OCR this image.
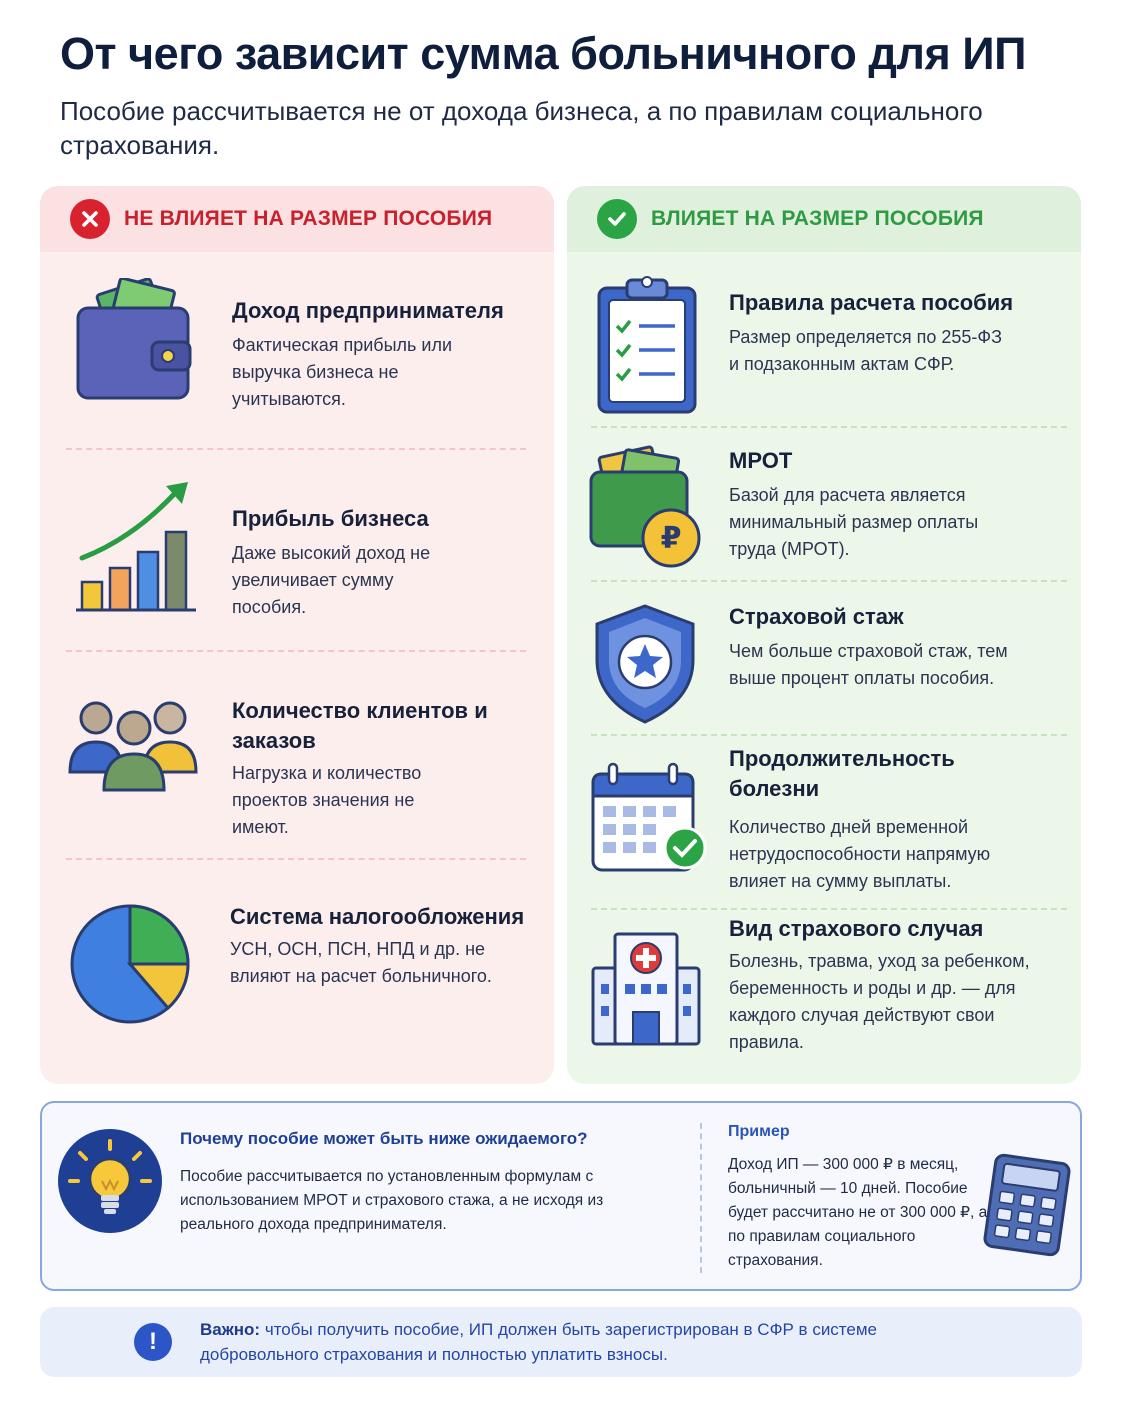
От чего зависит сумма больничного для ИП
Пособие рассчитывается не от дохода бизнеса, а по правилам социального страхования.
НЕ ВЛИЯЕТ НА РАЗМЕР ПОСОБИЯ
Доход предпринимателя
Фактическая прибыль или выручка бизнеса не учитываются.
Прибыль бизнеса
Даже высокий доход не увеличивает сумму пособия.
Количество клиентов и заказов
Нагрузка и количество проектов значения не имеют.
Система налогообложения
УСН, ОСН, ПСН, НПД и др. не влияют на расчет больничного.
ВЛИЯЕТ НА РАЗМЕР ПОСОБИЯ
Правила расчета пособия
Размер определяется по 255-ФЗ и подзаконным актам СФР.
₽
МРОТ
Базой для расчета является минимальный размер оплаты труда (МРОТ).
Страховой стаж
Чем больше страховой стаж, тем выше процент оплаты пособия.
Продолжительность болезни
Количество дней временной нетрудоспособности напрямую влияет на сумму выплаты.
Вид страхового случая
Болезнь, травма, уход за ребенком, беременность и роды и др. — для каждого случая действуют свои правила.
Почему пособие может быть ниже ожидаемого?
Пособие рассчитывается по установленным формулам с использованием МРОТ и страхового стажа, а не исходя из реального дохода предпринимателя.
Пример
Доход ИП — 300 000 ₽ в месяц, больничный — 10 дней. Пособие будет рассчитано не от 300 000 ₽, а по правилам социального страхования.
!	Важно: чтобы получить пособие, ИП должен быть зарегистрирован в СФР в системе добровольного страхования и полностью уплатить взносы.
